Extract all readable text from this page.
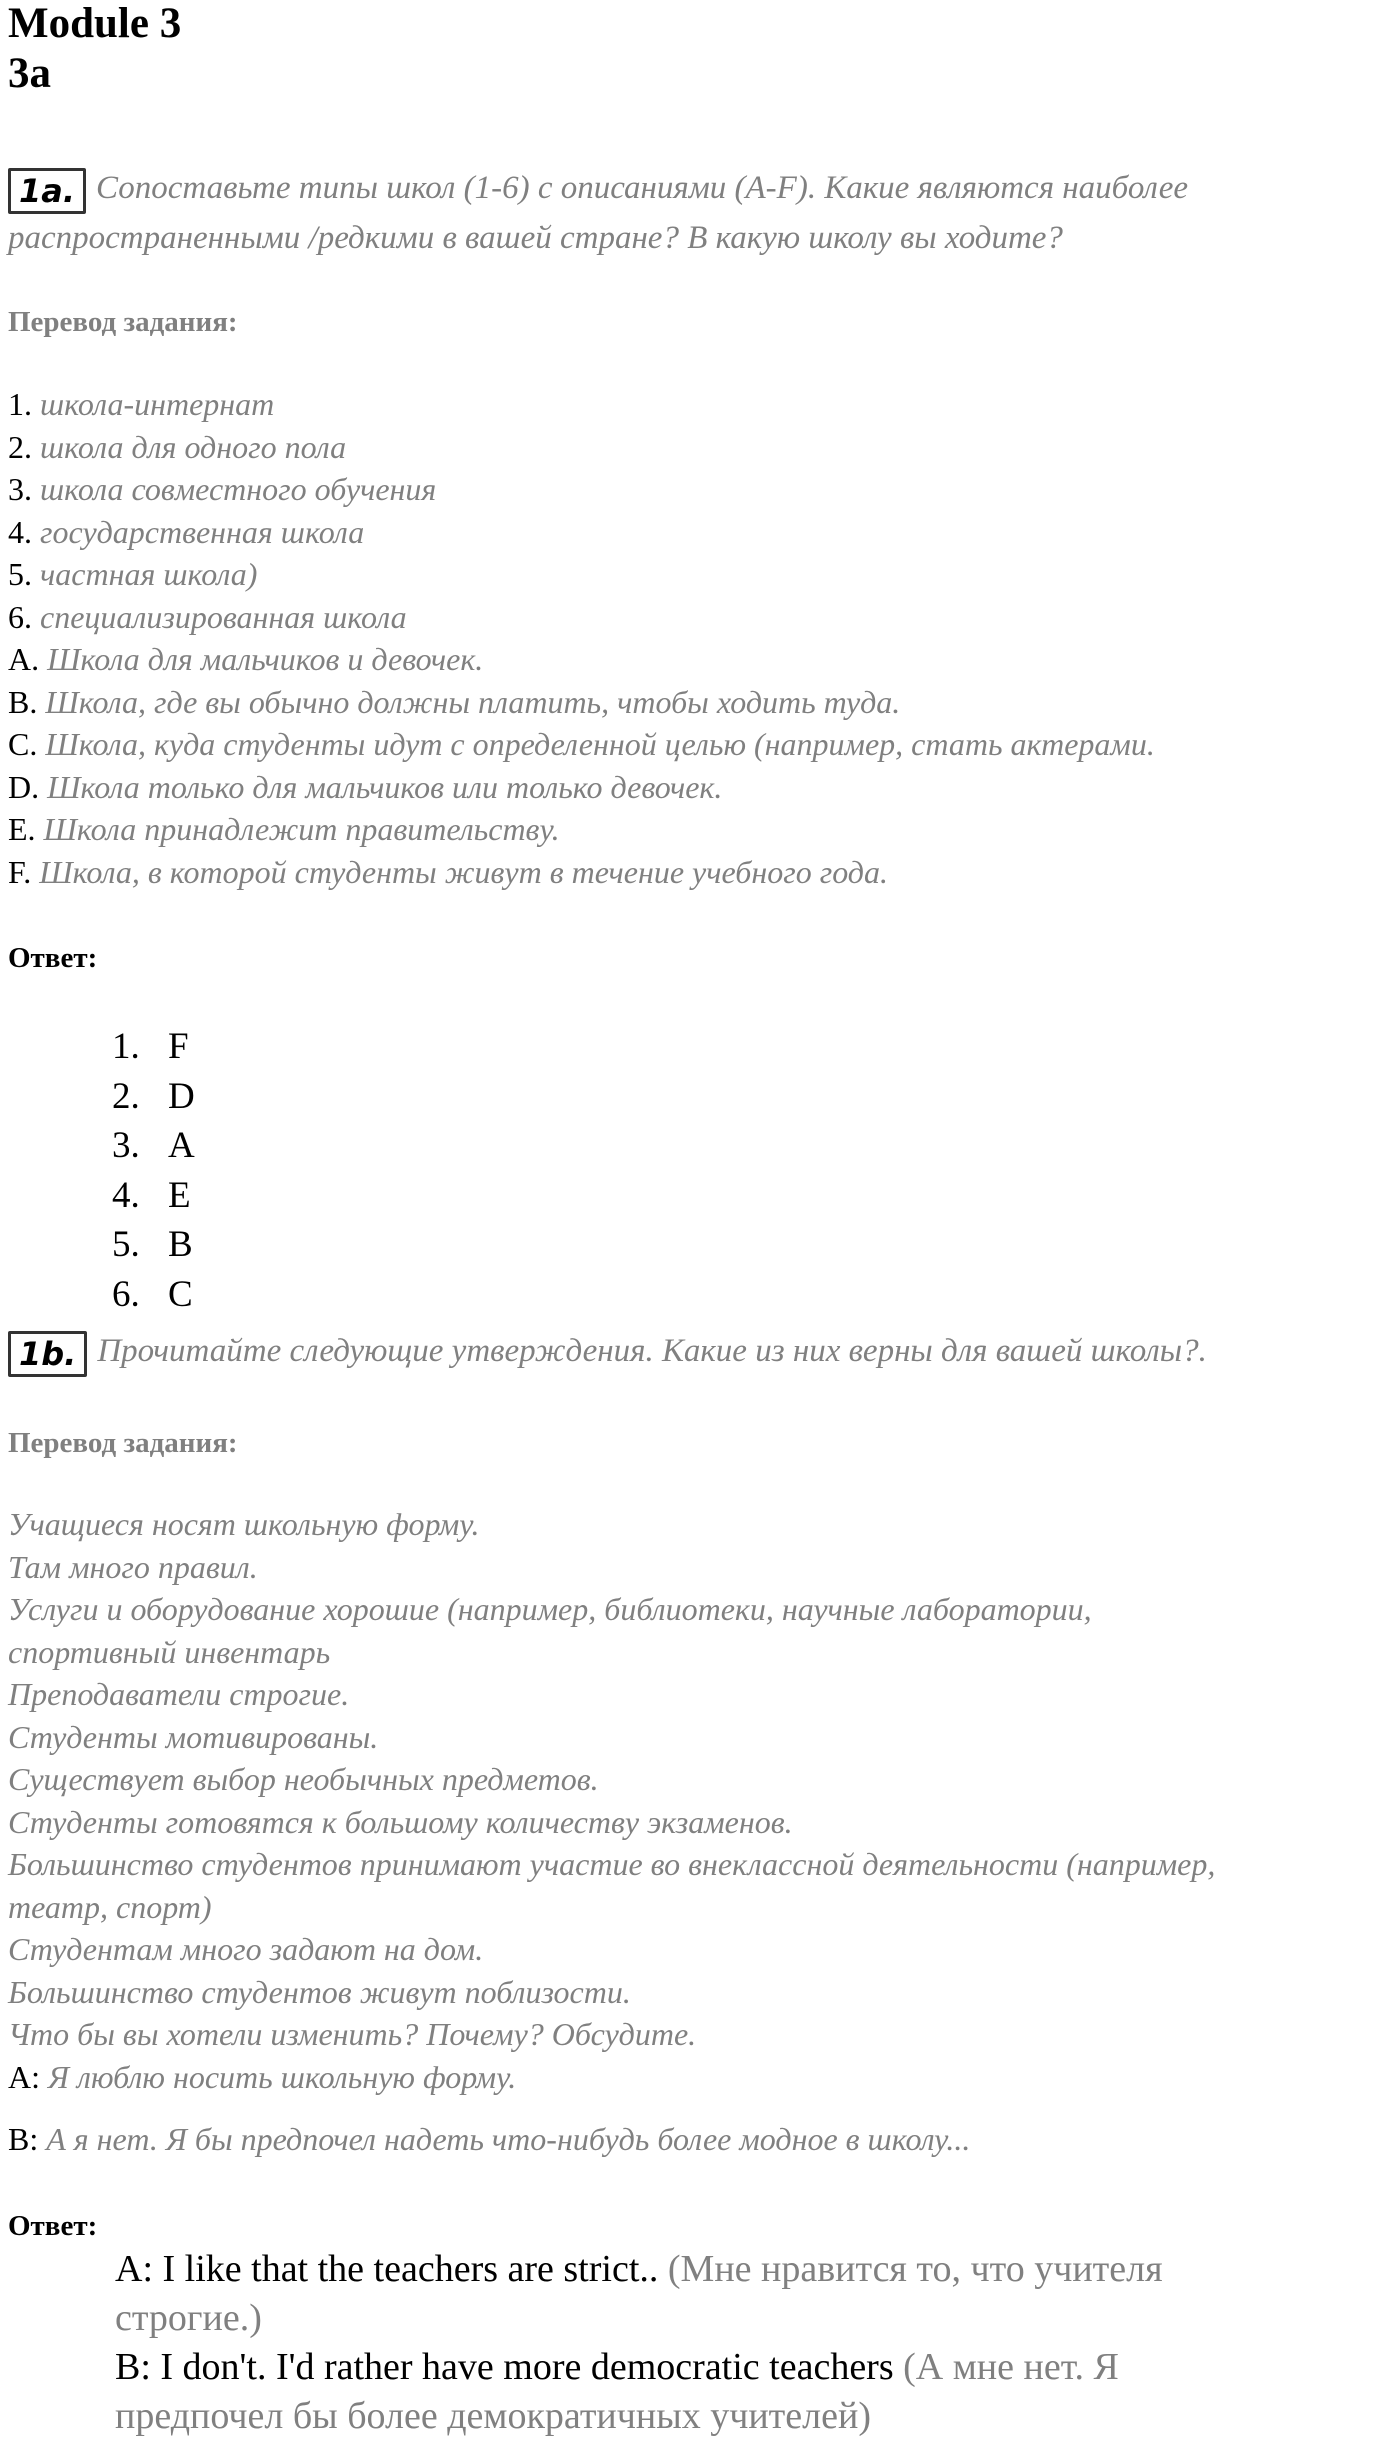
Module 3
3a
1a. Сопоставьте типы школ (1-6) с описаниями (A-F). Какие являются наиболее распространенными /редкими в вашей стране? В какую школу вы ходите?
Перевод задания:
1. школа-интернат
2. школа для одного пола
3. школа совместного обучения
4. государственная школа
5. частная школа)
6. специализированная школа
A. Школа для мальчиков и девочек.
B. Школа, где вы обычно должны платить, чтобы ходить туда.
C. Школа, куда студенты идут с определенной целью (например, стать актерами.
D. Школа только для мальчиков или только девочек.
E. Школа принадлежит правительству.
F. Школа, в которой студенты живут в течение учебного года.
Ответ:
1. F
2. D
3. A
4. E
5. B
6. C
1b. Прочитайте следующие утверждения. Какие из них верны для вашей школы?.
Перевод задания:
Учащиеся носят школьную форму.
Там много правил.
Услуги и оборудование хорошие (например, библиотеки, научные лаборатории,
спортивный инвентарь
Преподаватели строгие.
Студенты мотивированы.
Существует выбор необычных предметов.
Студенты готовятся к большому количеству экзаменов.
Большинство студентов принимают участие во внеклассной деятельности (например,
театр, спорт)
Студентам много задают на дом.
Большинство студентов живут поблизости.
Что бы вы хотели изменить? Почему? Обсудите.
A: Я люблю носить школьную форму.
B: А я нет. Я бы предпочел надеть что-нибудь более модное в школу...
Ответ:
A: I like that the teachers are strict.. (Мне нравится то, что учителя
строгие.)
B: I don't. I'd rather have more democratic teachers (А мне нет. Я
предпочел бы более демократичных учителей)
